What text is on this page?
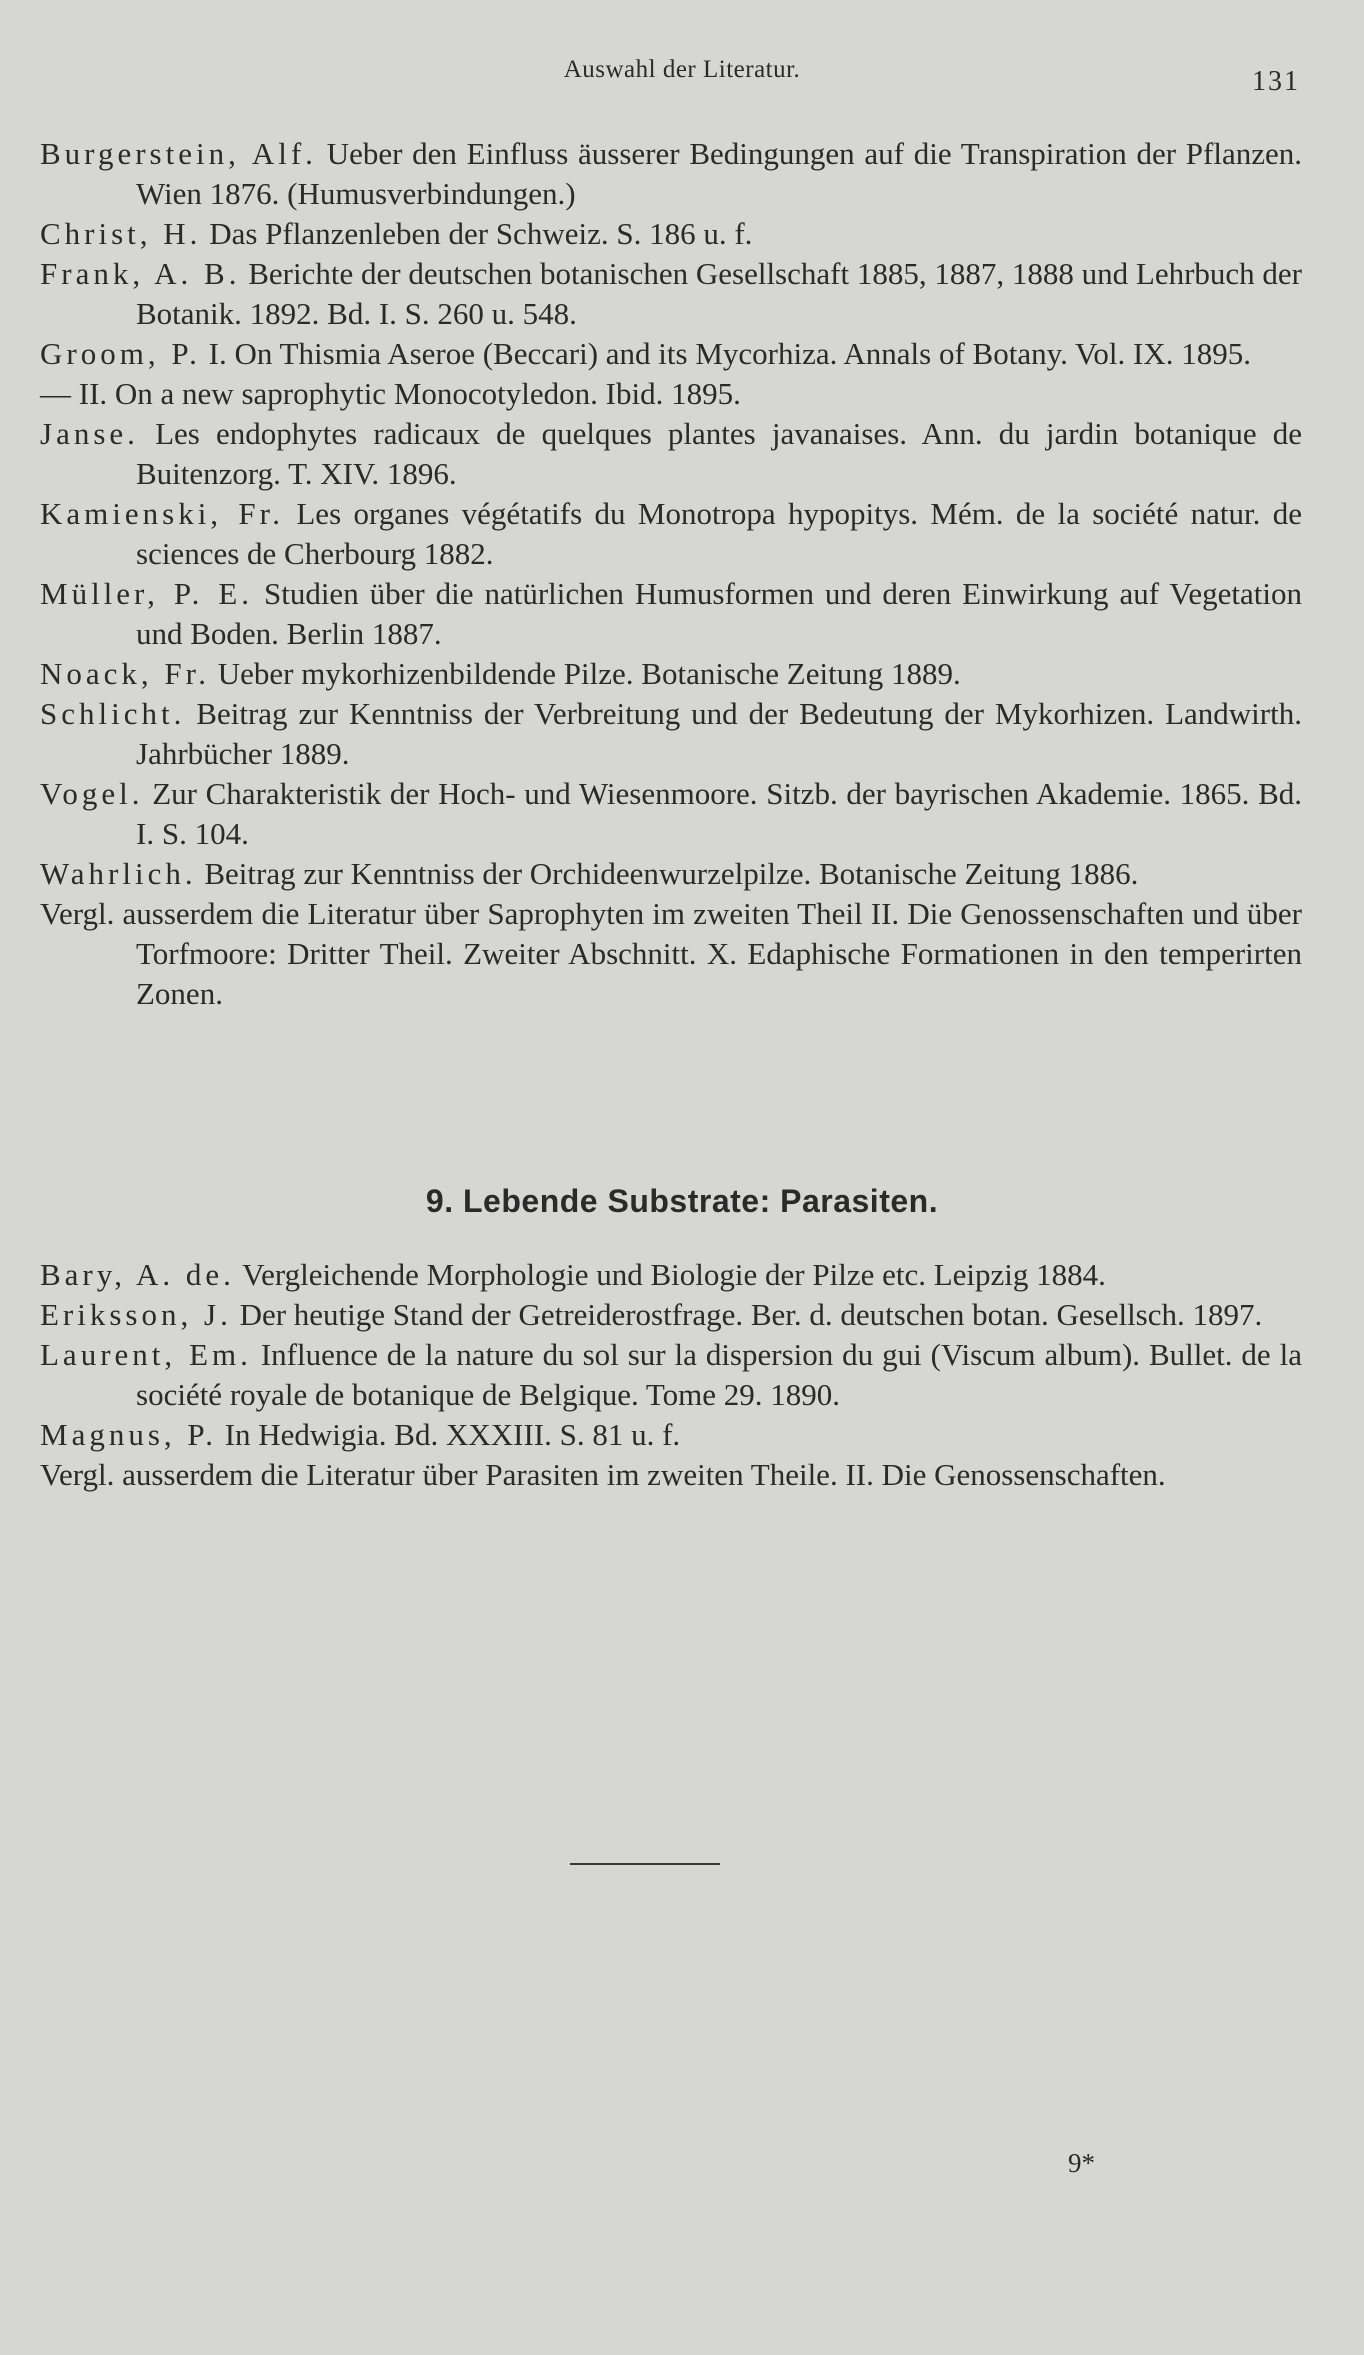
Auswahl der Literatur.	131
Burgerstein, Alf. Ueber den Einfluss äusserer Bedingungen auf die Transpiration der Pflanzen. Wien 1876. (Humusverbindungen.)
Christ, H. Das Pflanzenleben der Schweiz. S. 186 u. f.
Frank, A. B. Berichte der deutschen botanischen Gesellschaft 1885, 1887, 1888 und Lehrbuch der Botanik. 1892. Bd. I. S. 260 u. 548.
Groom, P. I. On Thismia Aseroe (Beccari) and its Mycorhiza. Annals of Botany. Vol. IX. 1895.
— II. On a new saprophytic Monocotyledon. Ibid. 1895.
Janse. Les endophytes radicaux de quelques plantes javanaises. Ann. du jardin botanique de Buitenzorg. T. XIV. 1896.
Kamienski, Fr. Les organes végétatifs du Monotropa hypopitys. Mém. de la société natur. de sciences de Cherbourg 1882.
Müller, P. E. Studien über die natürlichen Humusformen und deren Einwirkung auf Vegetation und Boden. Berlin 1887.
Noack, Fr. Ueber mykorhizenbildende Pilze. Botanische Zeitung 1889.
Schlicht. Beitrag zur Kenntniss der Verbreitung und der Bedeutung der Mykorhizen. Landwirth. Jahrbücher 1889.
Vogel. Zur Charakteristik der Hoch- und Wiesenmoore. Sitzb. der bayrischen Akademie. 1865. Bd. I. S. 104.
Wahrlich. Beitrag zur Kenntniss der Orchideenwurzelpilze. Botanische Zeitung 1886.
Vergl. ausserdem die Literatur über Saprophyten im zweiten Theil II. Die Genossenschaften und über Torfmoore: Dritter Theil. Zweiter Abschnitt. X. Edaphische Formationen in den temperirten Zonen.
9. Lebende Substrate: Parasiten.
Bary, A. de. Vergleichende Morphologie und Biologie der Pilze etc. Leipzig 1884.
Eriksson, J. Der heutige Stand der Getreiderostfrage. Ber. d. deutschen botan. Gesellsch. 1897.
Laurent, Em. Influence de la nature du sol sur la dispersion du gui (Viscum album). Bullet. de la société royale de botanique de Belgique. Tome 29. 1890.
Magnus, P. In Hedwigia. Bd. XXXIII. S. 81 u. f.
Vergl. ausserdem die Literatur über Parasiten im zweiten Theile. II. Die Genossenschaften.
9*
